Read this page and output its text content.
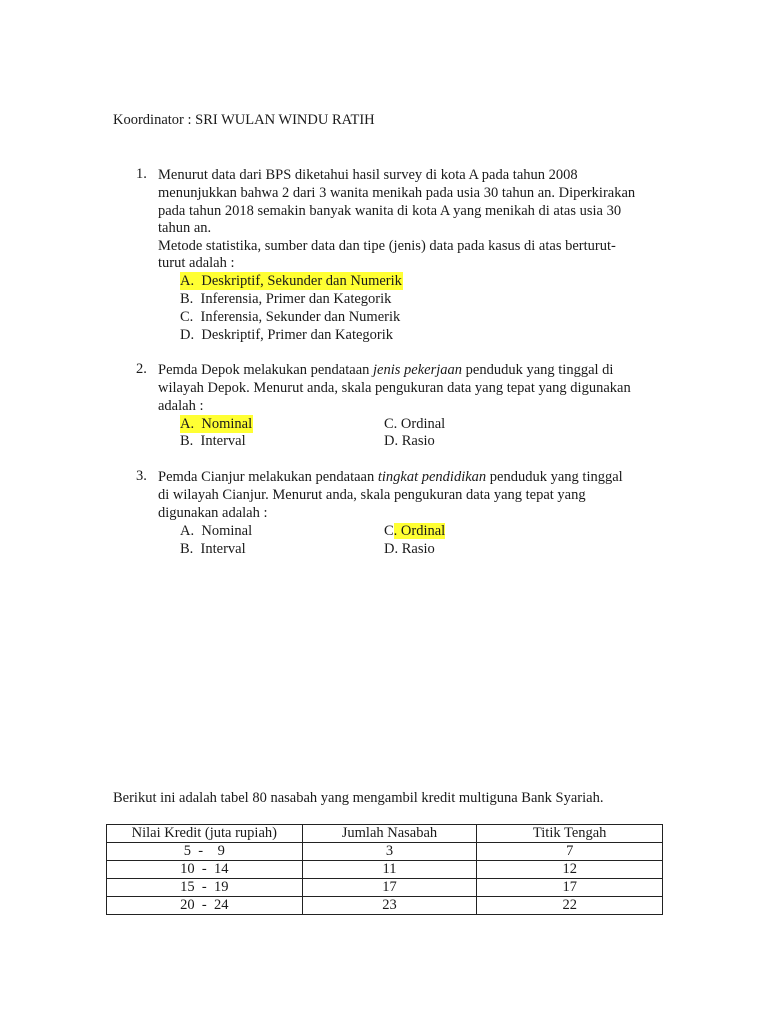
Koordinator : SRI WULAN WINDU RATIH
1. Menurut data dari BPS diketahui hasil survey di kota A pada tahun 2008
menunjukkan bahwa 2 dari 3 wanita menikah pada usia 30 tahun an. Diperkirakan
pada tahun 2018 semakin banyak wanita di kota A yang menikah di atas usia 30
tahun an.
Metode statistika, sumber data dan tipe (jenis) data pada kasus di atas berturut-
turut adalah :
A. Deskriptif, Sekunder dan Numerik
B. Inferensia, Primer dan Kategorik
C. Inferensia, Sekunder dan Numerik
D. Deskriptif, Primer dan Kategorik
2. Pemda Depok melakukan pendataan jenis pekerjaan penduduk yang tinggal di
wilayah Depok. Menurut anda, skala pengukuran data yang tepat yang digunakan
adalah :
A. Nominal	C. Ordinal
B. Interval	D. Rasio
3. Pemda Cianjur melakukan pendataan tingkat pendidikan penduduk yang tinggal
di wilayah Cianjur. Menurut anda, skala pengukuran data yang tepat yang
digunakan adalah :
A. Nominal	C. Ordinal
B. Interval	D. Rasio
Berikut ini adalah tabel 80 nasabah yang mengambil kredit multiguna Bank Syariah.
Nilai Kredit (juta rupiah)	Jumlah Nasabah	Titik Tengah
5  -    9	3	7
10  -  14	11	12
15  -  19	17	17
20  -  24	23	22
